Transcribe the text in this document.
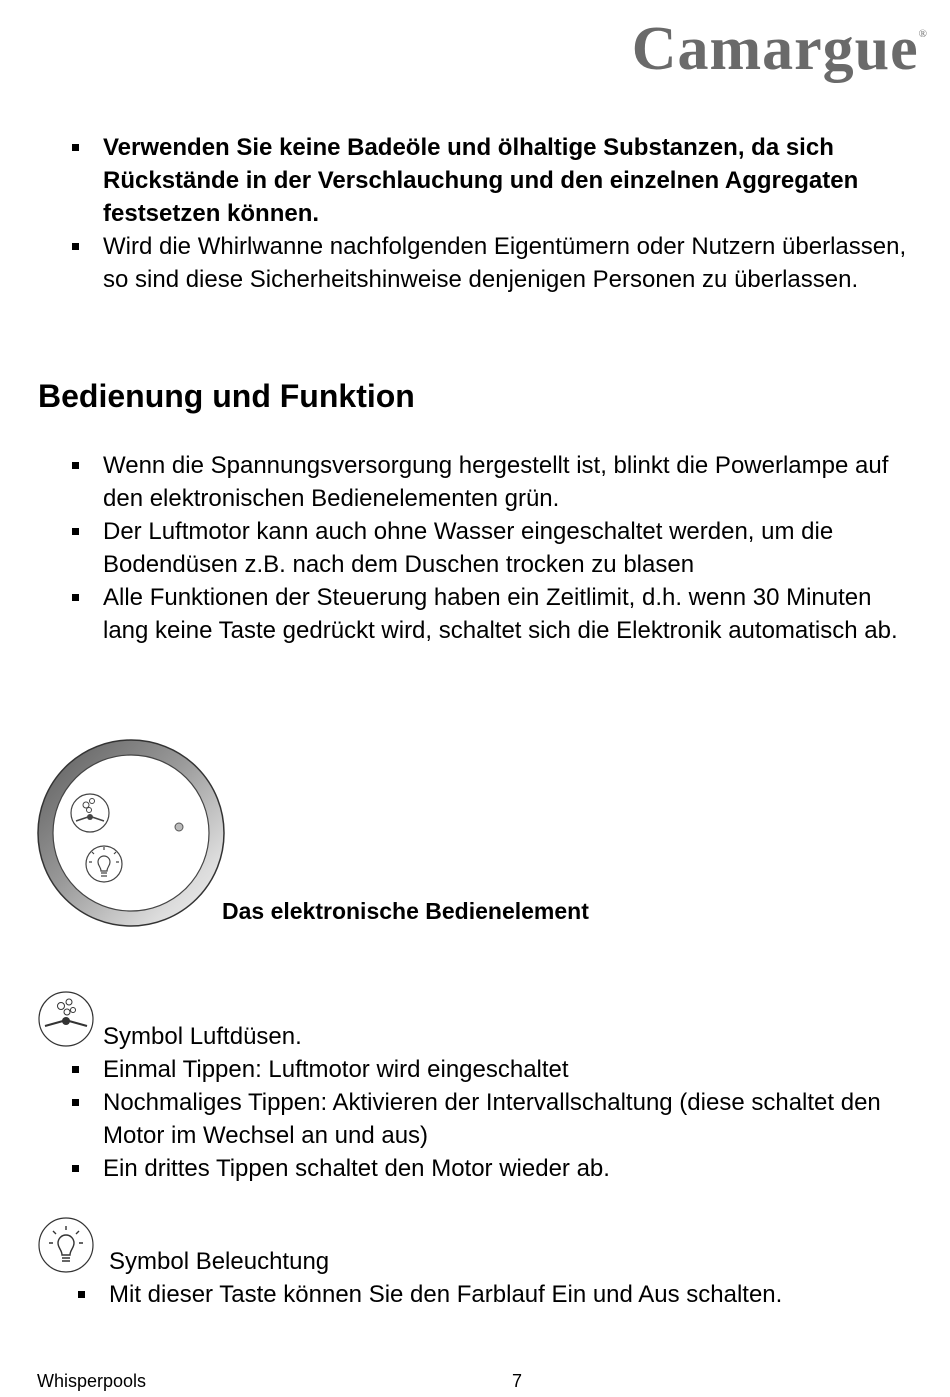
Camargue®
Verwenden Sie keine Badeöle und ölhaltige Substanzen, da sich Rückstände in der Verschlauchung und den einzelnen Aggregaten festsetzen können.
Wird die Whirlwanne nachfolgenden Eigentümern oder Nutzern überlassen, so sind diese Sicherheitshinweise denjenigen Personen zu überlassen.
Bedienung und Funktion
Wenn die Spannungsversorgung hergestellt ist, blinkt die Powerlampe auf den elektronischen Bedienelementen grün.
Der Luftmotor kann auch ohne Wasser eingeschaltet werden, um die Bodendüsen z.B. nach dem Duschen trocken zu blasen
Alle Funktionen der Steuerung haben ein Zeitlimit, d.h. wenn 30 Minuten lang keine Taste gedrückt wird, schaltet sich die Elektronik automatisch ab.
Das elektronische Bedienelement
Symbol Luftdüsen.
Einmal Tippen: Luftmotor wird eingeschaltet
Nochmaliges Tippen: Aktivieren der Intervallschaltung (diese schaltet den Motor im Wechsel an und aus)
Ein drittes Tippen schaltet den Motor wieder ab.
Symbol Beleuchtung
Mit dieser Taste können Sie den Farblauf Ein und Aus schalten.
Whisperpools	7
